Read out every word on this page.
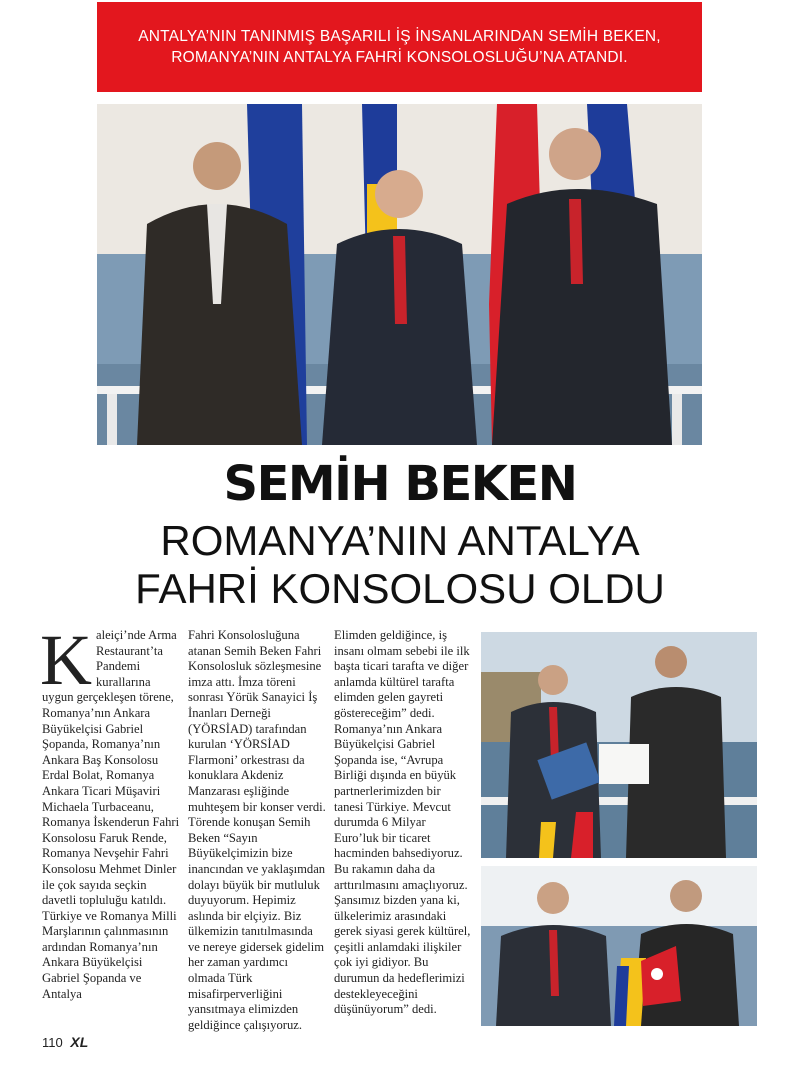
ANTALYA’NIN TANINMIŞ BAŞARILI İŞ İNSANLARINDAN SEMİH BEKEN,
ROMANYA’NIN ANTALYA FAHRİ KONSOLOSLUĞU’NA ATANDI.
SEMİH BEKEN
ROMANYA’NIN ANTALYA
FAHRİ KONSOLOSU OLDU
K aleiçi’nde Arma Restaurant’ta Pandemi kurallarına uygun gerçekleşen törene, Romanya’nın Ankara Büyükelçisi Gabriel Şopanda, Romanya’nın Ankara Baş Konsolosu Erdal Bolat, Romanya Ankara Ticari Müşaviri Michaela Turbaceanu, Romanya İskenderun Fahri Konsolosu Faruk Rende, Romanya Nevşehir Fahri Konsolosu Mehmet Dinler ile çok sayıda seçkin davetli topluluğu katıldı. Türkiye ve Romanya Milli Marşlarının çalınmasının ardından Romanya’nın Ankara Büyükelçisi Gabriel Şopanda ve Antalya

Fahri Konsolosluğuna atanan Semih Beken Fahri Konsolosluk sözleşmesine imza attı. İmza töreni sonrası Yörük Sanayici İş İnanları Derneği (YÖRSİAD) tarafından kurulan ‘YÖRSİAD Flarmoni’ orkestrası da konuklara Akdeniz Manzarası eşliğinde muhteşem bir konser verdi. Törende konuşan Semih Beken “Sayın Büyükelçimizin bize inancından ve yaklaşımdan dolayı büyük bir mutluluk duyuyorum. Hepimiz aslında bir elçiyiz. Biz ülkemizin tanıtılmasında ve nereye gidersek gidelim her zaman yardımcı olmada Türk misafirperverliğini yansıtmaya elimizden geldiğince çalışıyoruz.

Elimden geldiğince, iş insanı olmam sebebi ile ilk başta ticari tarafta ve diğer anlamda kültürel tarafta elimden gelen gayreti göstereceğim” dedi. Romanya’nın Ankara Büyükelçisi Gabriel Şopanda ise, “Avrupa Birliği dışında en büyük partnerlerimizden bir tanesi Türkiye. Mevcut durumda 6 Milyar Euro’luk bir ticaret hacminden bahsediyoruz. Bu rakamın daha da arttırılmasını amaçlıyoruz. Şansımız bizden yana ki, ülkelerimiz arasındaki gerek siyasi gerek kültürel, çeşitli anlamdaki ilişkiler çok iyi gidiyor. Bu durumun da hedeflerimizi destekleyeceğini düşünüyorum” dedi.

110 XL
